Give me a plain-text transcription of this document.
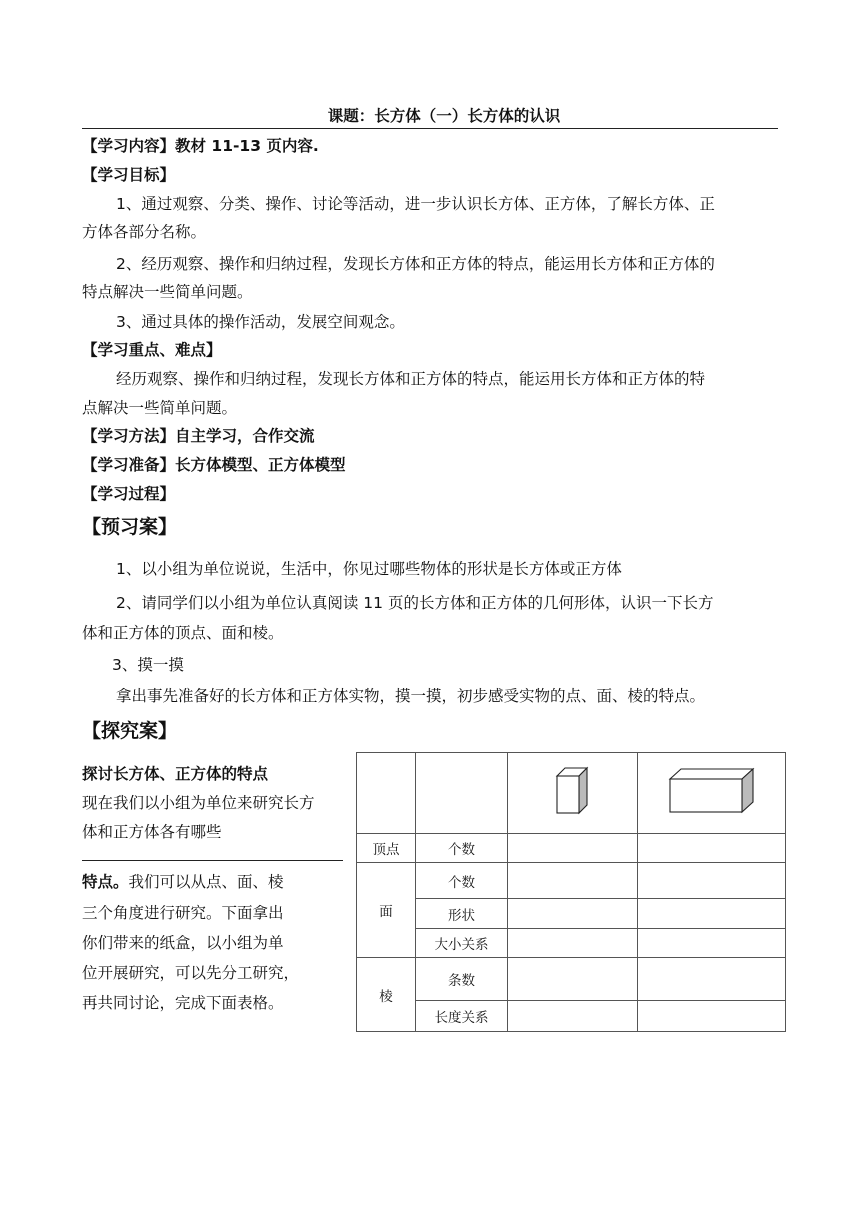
课题：长方体（一）长方体的认识
【学习内容】教材 11-13 页内容.
【学习目标】
1、通过观察、分类、操作、讨论等活动，进一步认识长方体、正方体，了解长方体、正
方体各部分名称。
2、经历观察、操作和归纳过程，发现长方体和正方体的特点，能运用长方体和正方体的
特点解决一些简单问题。
3、通过具体的操作活动，发展空间观念。
【学习重点、难点】
经历观察、操作和归纳过程，发现长方体和正方体的特点，能运用长方体和正方体的特
点解决一些简单问题。
【学习方法】自主学习，合作交流
【学习准备】长方体模型、正方体模型
【学习过程】
【预习案】
1、以小组为单位说说，生活中，你见过哪些物体的形状是长方体或正方体
2、请同学们以小组为单位认真阅读 11 页的长方体和正方体的几何形体，认识一下长方
体和正方体的顶点、面和棱。
3、摸一摸
拿出事先准备好的长方体和正方体实物，摸一摸，初步感受实物的点、面、棱的特点。
【探究案】
探讨长方体、正方体的特点
现在我们以小组为单位来研究长方
体和正方体各有哪些
特点。我们可以从点、面、棱
三个角度进行研究。下面拿出
你们带来的纸盒，以小组为单
位开展研究，可以先分工研究，
再共同讨论，完成下面表格。

顶点	个数		
面	个数		
	形状		
	大小关系		
棱	条数		
	长度关系		
